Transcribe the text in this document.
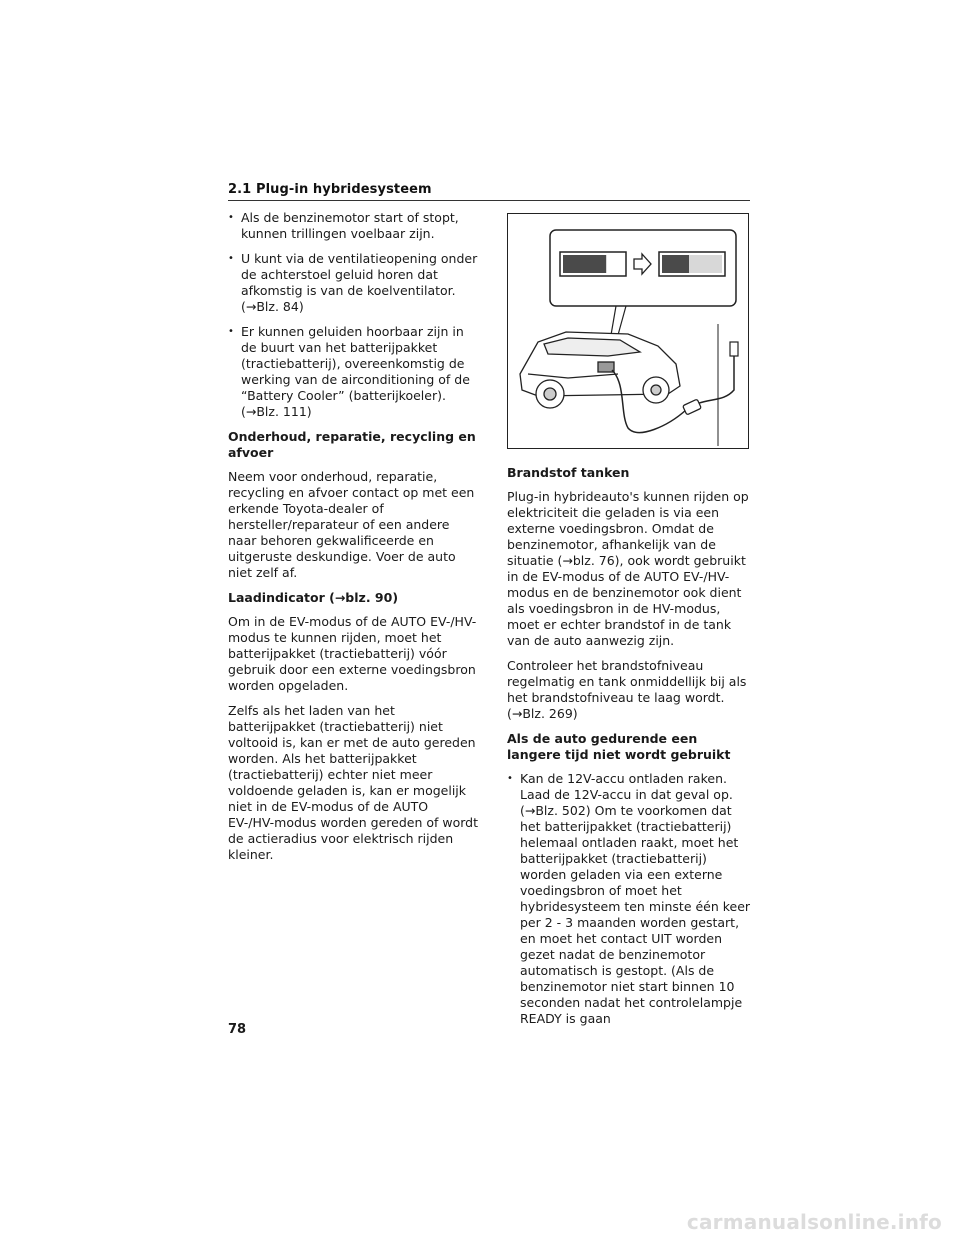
2.1 Plug-in hybridesysteem
• Als de benzinemotor start of stopt, kunnen trillingen voelbaar zijn.
• U kunt via de ventilatieopening onder de achterstoel geluid horen dat afkomstig is van de koelventilator. (→Blz. 84)
• Er kunnen geluiden hoorbaar zijn in de buurt van het batterijpakket (tractiebatterij), overeenkomstig de werking van de airconditioning of de “Battery Cooler” (batterijkoeler). (→Blz. 111)

Onderhoud, reparatie, recycling en afvoer

Neem voor onderhoud, reparatie, recycling en afvoer contact op met een erkende Toyota-dealer of hersteller/reparateur of een andere naar behoren gekwalificeerde en uitgeruste deskundige. Voer de auto niet zelf af.

Laadindicator (→blz. 90)

Om in de EV-modus of de AUTO EV-/HV-modus te kunnen rijden, moet het batterijpakket (tractiebatterij) vóór gebruik door een externe voedingsbron worden opgeladen.

Zelfs als het laden van het batterijpakket (tractiebatterij) niet voltooid is, kan er met de auto gereden worden. Als het batterijpakket (tractiebatterij) echter niet meer voldoende geladen is, kan er mogelijk niet in de EV-modus of de AUTO EV-/HV-modus worden gereden of wordt de actieradius voor elektrisch rijden kleiner.

Brandstof tanken

Plug-in hybrideauto's kunnen rijden op elektriciteit die geladen is via een externe voedingsbron. Omdat de benzinemotor, afhankelijk van de situatie (→blz. 76), ook wordt gebruikt in de EV-modus of de AUTO EV-/HV-modus en de benzinemotor ook dient als voedingsbron in de HV-modus, moet er echter brandstof in de tank van de auto aanwezig zijn.

Controleer het brandstofniveau regelmatig en tank onmiddellijk bij als het brandstofniveau te laag wordt. (→Blz. 269)

Als de auto gedurende een langere tijd niet wordt gebruikt

• Kan de 12V-accu ontladen raken. Laad de 12V-accu in dat geval op. (→Blz. 502) Om te voorkomen dat het batterijpakket (tractiebatterij) helemaal ontladen raakt, moet het batterijpakket (tractiebatterij) worden geladen via een externe voedingsbron of moet het hybridesysteem ten minste één keer per 2 - 3 maanden worden gestart, en moet het contact UIT worden gezet nadat de benzinemotor automatisch is gestopt. (Als de benzinemotor niet start binnen 10 seconden nadat het controlelampje READY is gaan
78
carmanualsonline.info
